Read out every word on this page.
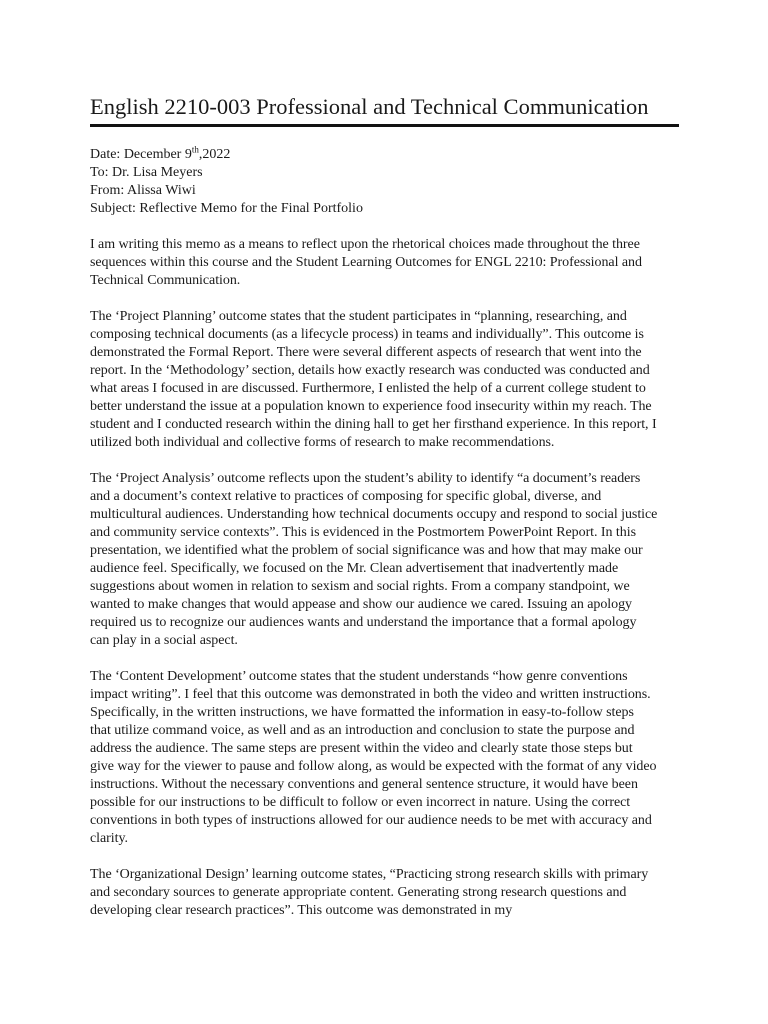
English 2210-003 Professional and Technical Communication
Date: December 9th,2022
To: Dr. Lisa Meyers
From: Alissa Wiwi
Subject: Reflective Memo for the Final Portfolio

I am writing this memo as a means to reflect upon the rhetorical choices made throughout the three sequences within this course and the Student Learning Outcomes for ENGL 2210: Professional and Technical Communication.

The ‘Project Planning’ outcome states that the student participates in “planning, researching, and composing technical documents (as a lifecycle process) in teams and individually”. This outcome is demonstrated the Formal Report. There were several different aspects of research that went into the report. In the ‘Methodology’ section, details how exactly research was conducted was conducted and what areas I focused in are discussed. Furthermore, I enlisted the help of a current college student to better understand the issue at a population known to experience food insecurity within my reach. The student and I conducted research within the dining hall to get her firsthand experience. In this report, I utilized both individual and collective forms of research to make recommendations.

The ‘Project Analysis’ outcome reflects upon the student’s ability to identify “a document’s readers and a document’s context relative to practices of composing for specific global, diverse, and multicultural audiences. Understanding how technical documents occupy and respond to social justice and community service contexts”. This is evidenced in the Postmortem PowerPoint Report. In this presentation, we identified what the problem of social significance was and how that may make our audience feel. Specifically, we focused on the Mr. Clean advertisement that inadvertently made suggestions about women in relation to sexism and social rights. From a company standpoint, we wanted to make changes that would appease and show our audience we cared. Issuing an apology required us to recognize our audiences wants and understand the importance that a formal apology can play in a social aspect.

The ‘Content Development’ outcome states that the student understands “how genre conventions impact writing”. I feel that this outcome was demonstrated in both the video and written instructions. Specifically, in the written instructions, we have formatted the information in easy-to-follow steps that utilize command voice, as well and as an introduction and conclusion to state the purpose and address the audience. The same steps are present within the video and clearly state those steps but give way for the viewer to pause and follow along, as would be expected with the format of any video instructions. Without the necessary conventions and general sentence structure, it would have been possible for our instructions to be difficult to follow or even incorrect in nature. Using the correct conventions in both types of instructions allowed for our audience needs to be met with accuracy and clarity.

The ‘Organizational Design’ learning outcome states, “Practicing strong research skills with primary and secondary sources to generate appropriate content. Generating strong research questions and developing clear research practices”. This outcome was demonstrated in my
